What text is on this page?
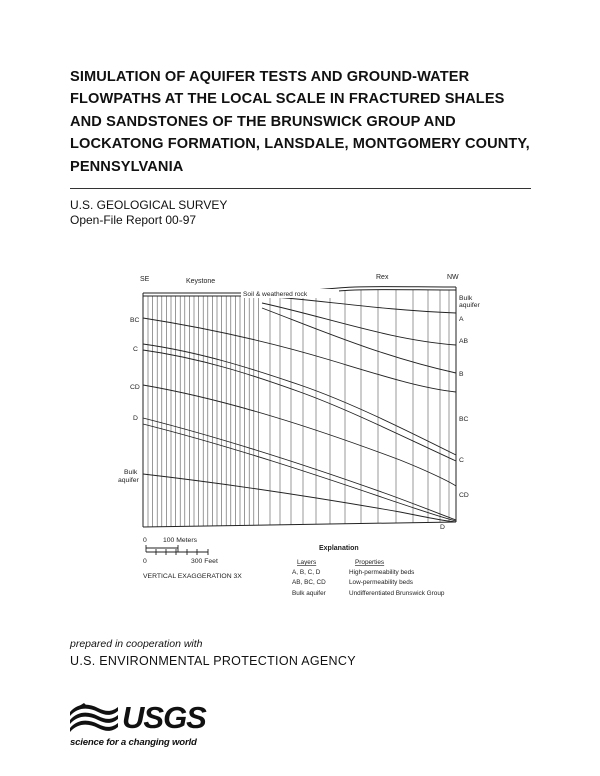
SIMULATION OF AQUIFER TESTS AND GROUND-WATER FLOWPATHS AT THE LOCAL SCALE IN FRACTURED SHALES AND SANDSTONES OF THE BRUNSWICK GROUP AND LOCKATONG FORMATION, LANSDALE, MONTGOMERY COUNTY, PENNSYLVANIA
U.S. GEOLOGICAL SURVEY
Open-File Report 00-97
SE	Keystone
Rex	NW
Soil & weathered rock
BC
C
CD
D
Bulk
aquifer
Bulk
aquifer
A
AB
B
BC
C
CD
D
0 100 Meters
0	300 Feet
VERTICAL EXAGGERATION 3X
Explanation
Layers	Properties
A, B, C, D	High-permeability beds
AB, BC, CD	Low-permeability beds
Bulk aquifer	Undifferentiated Brunswick Group
prepared in cooperation with
U.S. ENVIRONMENTAL PROTECTION AGENCY
USGS
science for a changing world
